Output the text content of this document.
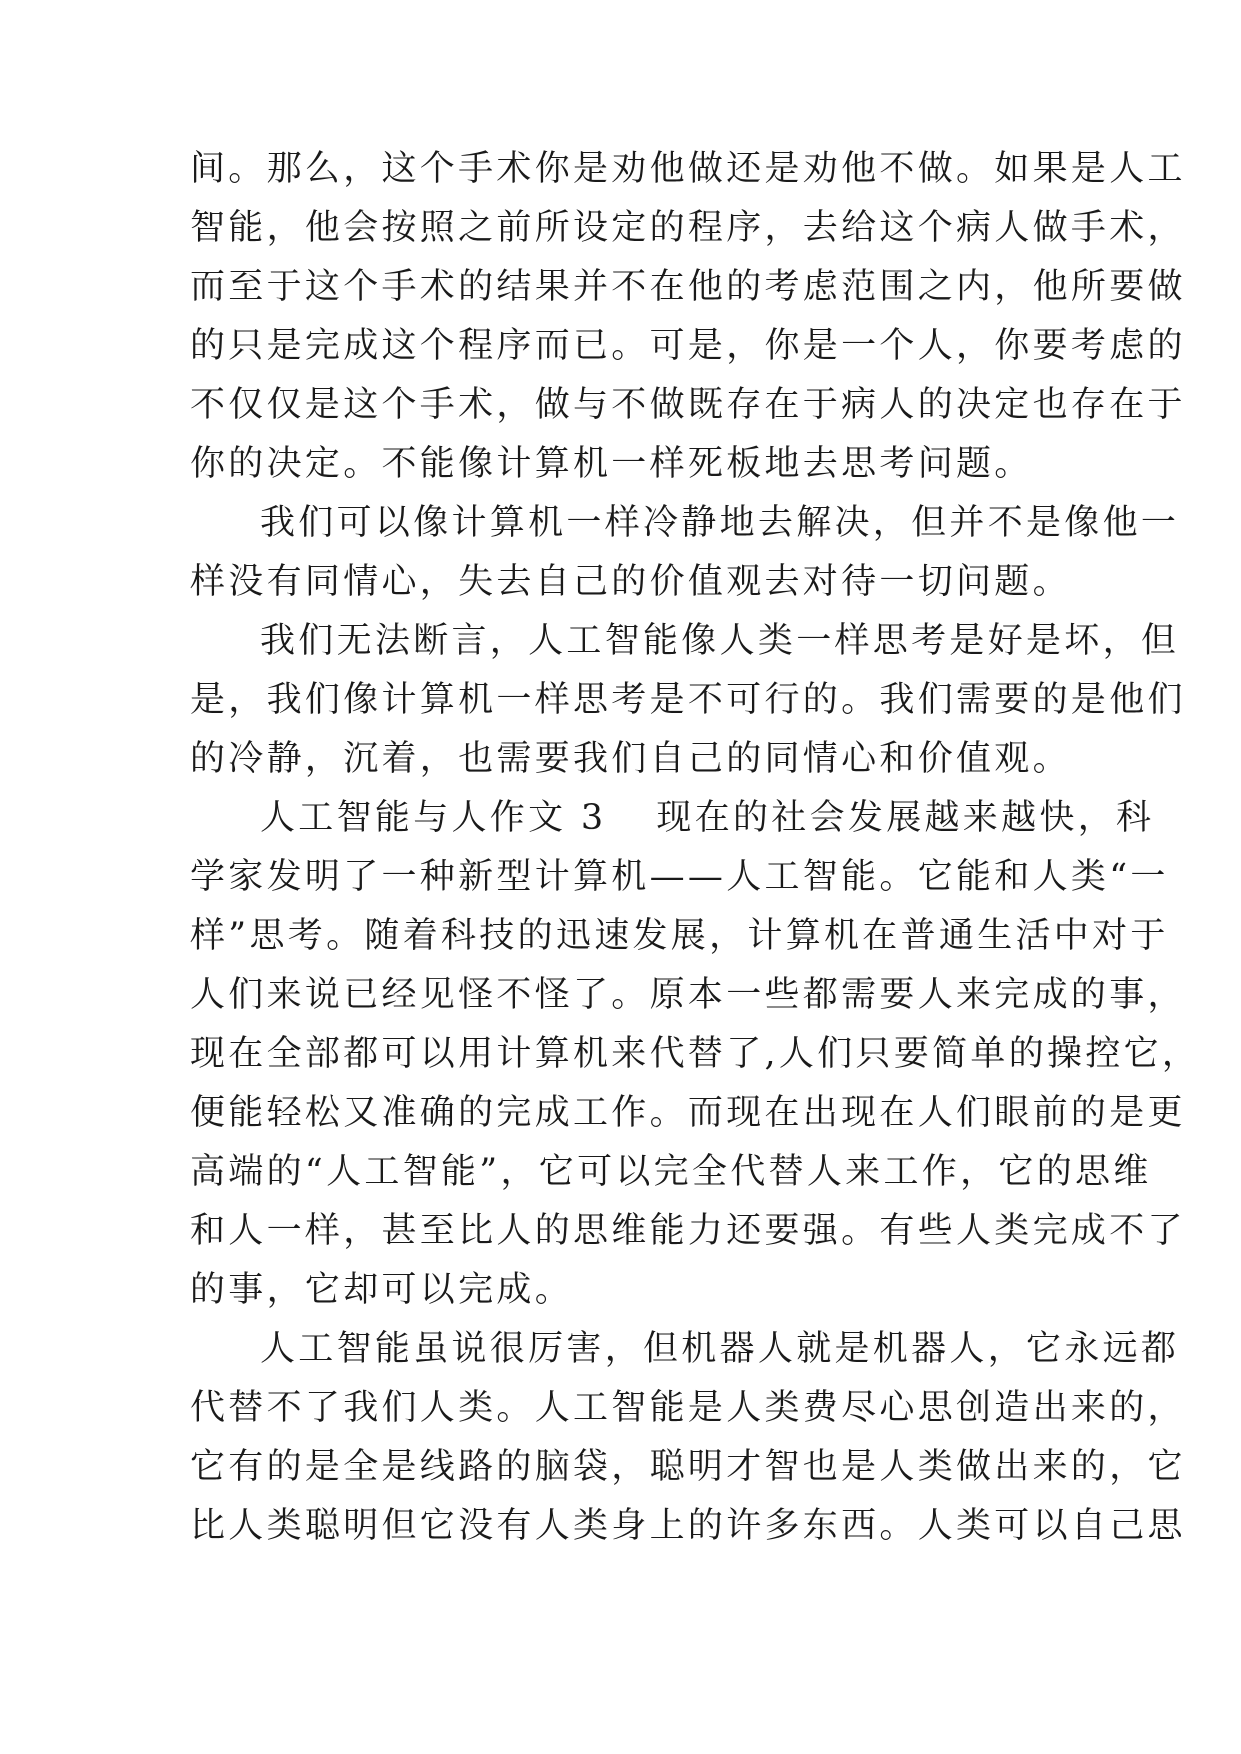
间。那么，这个手术你是劝他做还是劝他不做。如果是人工
智能，他会按照之前所设定的程序，去给这个病人做手术，
而至于这个手术的结果并不在他的考虑范围之内，他所要做
的只是完成这个程序而已。可是，你是一个人，你要考虑的
不仅仅是这个手术，做与不做既存在于病人的决定也存在于
你的决定。不能像计算机一样死板地去思考问题。
我们可以像计算机一样冷静地去解决，但并不是像他一
样没有同情心，失去自己的价值观去对待一切问题。
我们无法断言，人工智能像人类一样思考是好是坏，但
是，我们像计算机一样思考是不可行的。我们需要的是他们
的冷静，沉着，也需要我们自己的同情心和价值观。
人工智能与人作文 3 现在的社会发展越来越快，科
学家发明了一种新型计算机——人工智能。它能和人类“一
样”思考。随着科技的迅速发展，计算机在普通生活中对于
人们来说已经见怪不怪了。原本一些都需要人来完成的事，
现在全部都可以用计算机来代替了,人们只要简单的操控它，
便能轻松又准确的完成工作。而现在出现在人们眼前的是更
高端的“人工智能”，它可以完全代替人来工作，它的思维
和人一样，甚至比人的思维能力还要强。有些人类完成不了
的事，它却可以完成。
人工智能虽说很厉害，但机器人就是机器人，它永远都
代替不了我们人类。人工智能是人类费尽心思创造出来的，
它有的是全是线路的脑袋，聪明才智也是人类做出来的，它
比人类聪明但它没有人类身上的许多东西。人类可以自己思
